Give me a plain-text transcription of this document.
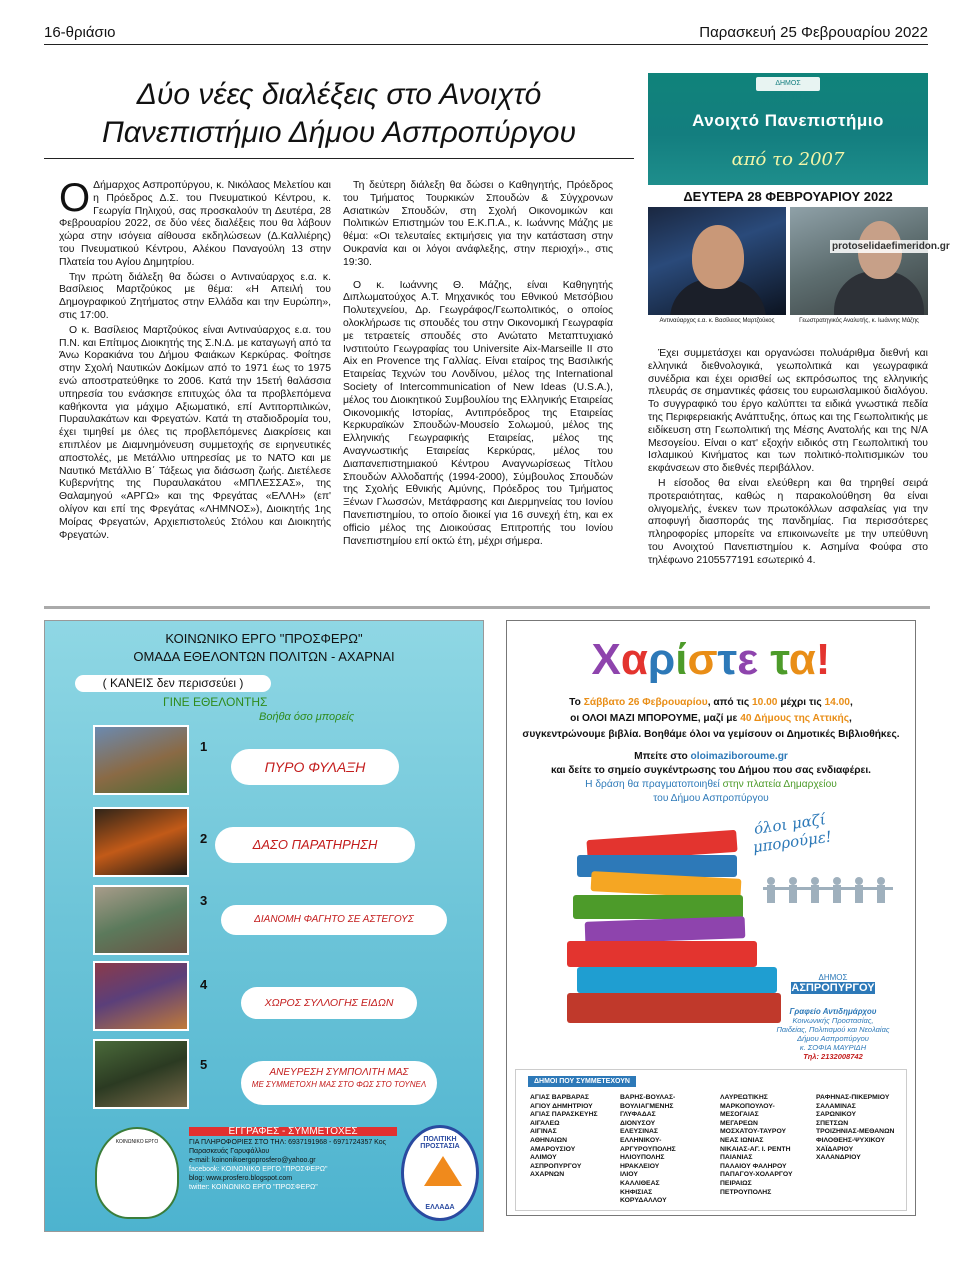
16-θριάσιο	Παρασκευή 25 Φεβρουαρίου 2022
Δύο νέες διαλέξεις στο Ανοιχτό
Πανεπιστήμιο Δήμου Ασπροπύργου

Ο Δήμαρχος Ασπροπύργου, κ. Νικόλαος Μελετίου και η Πρόεδρος Δ.Σ. του Πνευματικού Κέντρου, κ. Γεωργία Πηλιχού, σας προσκαλούν τη Δευτέρα, 28 Φεβρουαρίου 2022, σε δύο νέες διαλέξεις που θα λάβουν χώρα στην ισόγεια αίθουσα εκδηλώσεων (Δ.Καλλιέρης) του Πνευματικού Κέντρου, Αλέκου Παναγούλη 13 στην Πλατεία του Αγίου Δημητρίου.

Την πρώτη διάλεξη θα δώσει ο Αντιναύαρχος ε.α. κ. Βασίλειος Μαρτζούκος με θέμα: «Η Απειλή του Δημογραφικού Ζητήματος στην Ελλάδα και την Ευρώπη», στις 17:00.

Ο κ. Βασίλειος Μαρτζούκος είναι Αντιναύαρχος ε.α. του Π.Ν. και Επίτιμος Διοικητής της Σ.Ν.Δ. με καταγωγή από τα Άνω Κορακιάνα του Δήμου Φαιάκων Κερκύρας. Φοίτησε στην Σχολή Ναυτικών Δοκίμων από το 1971 έως το 1975 ενώ αποστρατεύθηκε το 2006. Κατά την 15ετή θαλάσσια υπηρεσία του ενάσκησε επιτυχώς όλα τα προβλεπόμενα καθήκοντα για μάχιμο Αξιωματικό, επί Αντιτορπιλικών, Πυραυλακάτων και Φρεγατών. Κατά τη σταδιοδρομία του, έχει τιμηθεί με όλες τις προβλεπόμενες Διακρίσεις και επιπλέον με Διαμνημόνευση συμμετοχής σε ειρηνευτικές αποστολές, με Μετάλλιο υπηρεσίας με το ΝΑΤΟ και με Ναυτικό Μετάλλιο Β΄ Τάξεως για διάσωση ζωής. Διετέλεσε Κυβερνήτης της Πυραυλακάτου «ΜΠΛΕΣΣΑΣ», της Θαλαμηγού «ΑΡΓΩ» και της Φρεγάτας «ΕΛΛΗ» (επ' ολίγον και επί της Φρεγάτας «ΛΗΜΝΟΣ»), Διοικητής 1ης Μοίρας Φρεγατών, Αρχιεπιστολεύς Στόλου και Διοικητής Φρεγατών.

Τη δεύτερη διάλεξη θα δώσει ο Καθηγητής, Πρόεδρος του Τμήματος Τουρκικών Σπουδών & Σύγχρονων Ασιατικών Σπουδών, στη Σχολή Οικονομικών και Πολιτικών Επιστημών του Ε.Κ.Π.Α., κ. Ιωάννης Μάζης με θέμα: «Οι τελευταίες εκτιμήσεις για την κατάσταση στην Ουκρανία και οι λόγοι ανάφλεξης, στην περιοχή»., στις 19:30.

Ο κ. Ιωάννης Θ. Μάζης, είναι Καθηγητής Διπλωματούχος Α.Τ. Μηχανικός του Εθνικού Μετσόβιου Πολυτεχνείου, Δρ. Γεωγράφος/Γεωπολιτικός, ο οποίος ολοκλήρωσε τις σπουδές του στην Οικονομική Γεωγραφία με τετραετείς σπουδές στο Ανώτατο Μεταπτυχιακό Ινστιτούτο Γεωγραφίας του Universite Aix-Marseille II στο Aix en Provence της Γαλλίας. Είναι εταίρος της Βασιλικής Εταιρείας Τεχνών του Λονδίνου, μέλος της International Society of Intercommunication of New Ideas (U.S.A.), μέλος του Διοικητικού Συμβουλίου της Ελληνικής Εταιρείας Οικονομικής Ιστορίας, Αντιπρόεδρος της Εταιρείας Κερκυραϊκών Σπουδών-Μουσείο Σολωμού, μέλος της Ελληνικής Γεωγραφικής Εταιρείας, μέλος της Αναγνωστικής Εταιρείας Κερκύρας, μέλος του Διαπανεπιστημιακού Κέντρου Αναγνωρίσεως Τίτλου Σπουδών Αλλοδαπής (1994-2000), Σύμβουλος Σπουδών της Σχολής Εθνικής Αμύνης, Πρόεδρος του Τμήματος Ξένων Γλωσσών, Μετάφρασης και Διερμηνείας του Ιονίου Πανεπιστημίου, το οποίο διοικεί για 16 συνεχή έτη, και ex officio μέλος της Διοικούσας Επιτροπής του Ιονίου Πανεπιστημίου επί οκτώ έτη, μέχρι σήμερα.

ΔΗΜΟΣ ΑΣΠΡΟΠΥΡΓΟΥ
Ανοιχτό Πανεπιστήμιο
από το 2007
ΔΕΥΤΕΡΑ 28 ΦΕΒΡΟΥΑΡΙΟΥ 2022
protoselidaefimeridon.gr
Αντιναύαρχος ε.α. κ. Βασίλειος Μαρτζούκος	Γεωστρατηγικός Αναλυτής, κ. Ιωάννης Μάζης

Έχει συμμετάσχει και οργανώσει πολυάριθμα διεθνή και ελληνικά διεθνολογικά, γεωπολιτικά και γεωγραφικά συνέδρια και έχει ορισθεί ως εκπρόσωπος της ελληνικής πλευράς σε σημαντικές φάσεις του ευρωισλαμικού διαλόγου. Το συγγραφικό του έργο καλύπτει τα ειδικά γνωστικά πεδία της Περιφερειακής Ανάπτυξης, όπως και της Γεωπολιτικής με ειδίκευση στη Γεωπολιτική της Μέσης Ανατολής και της Ν/Α Μεσογείου. Είναι ο κατ' εξοχήν ειδικός στη Γεωπολιτική του Ισλαμικού Κινήματος και των πολιτικό-πολιτισμικών του εκφάνσεων στο διεθνές περιβάλλον.

Η είσοδος θα είναι ελεύθερη και θα τηρηθεί σειρά προτεραιότητας, καθώς η παρακολούθηση θα είναι ολιγομελής, ένεκεν των πρωτοκόλλων ασφαλείας για την αποφυγή διασποράς της πανδημίας. Για περισσότερες πληροφορίες μπορείτε να επικοινωνείτε με την υπεύθυνη του Ανοιχτού Πανεπιστημίου κ. Ασημίνα Φούφα στο τηλέφωνο 2105577191 εσωτερικό 4.

ΚΟΙΝΩΝΙΚΟ ΕΡΓΟ "ΠΡΟΣΦΕΡΩ"
ΟΜΑΔΑ ΕΘΕΛΟΝΤΩΝ ΠΟΛΙΤΩΝ - ΑΧΑΡΝΑΙ
( ΚΑΝΕΙΣ δεν περισσεύει )
ΓΙΝΕ ΕΘΕΛΟΝΤΗΣ
Βοήθα όσο μπορείς
1
ΠΥΡΟ ΦΥΛΑΞΗ
2	ΔΑΣΟ ΠΑΡΑΤΗΡΗΣΗ
3
ΔΙΑΝΟΜΗ ΦΑΓΗΤΟ ΣΕ ΑΣΤΕΓΟΥΣ
4
ΧΩΡΟΣ ΣΥΛΛΟΓΗΣ ΕΙΔΩΝ
5
ΑΝΕΥΡΕΣΗ ΣΥΜΠΟΛΙΤΗ ΜΑΣ
ΜΕ ΣΥΜΜΕΤΟΧΗ ΜΑΣ ΣΤΟ ΦΩΣ ΣΤΟ ΤΟΥΝΕΛ
ΚΟΙΝΩΝΙΚΟ ΕΡΓΟ
ΕΓΓΡΑΦΕΣ - ΣΥΜΜΕΤΟΧΕΣ
ΓΙΑ ΠΛΗΡΟΦΟΡΙΕΣ ΣΤΟ ΤΗΛ: 6937191968 - 6971724357 Κος Παρασκευάς Γαρυφάλλου
e-mail: koinonikoergoprosfero@yahoo.gr
facebook: ΚΟΙΝΩΝΙΚΟ ΕΡΓΟ "ΠΡΟΣΦΕΡΩ"
blog: www.prosfero.blogspot.com
twitter: ΚΟΙΝΩΝΙΚΟ ΕΡΓΟ "ΠΡΟΣΦΕΡΩ"
ΠΟΛΙΤΙΚΗ ΠΡΟΣΤΑΣΙΑ
ΕΛΛΑΔΑ
Χαρίστε τα!
Το Σάββατο 26 Φεβρουαρίου, από τις 10.00 μέχρι τις 14.00,
οι ΟΛΟΙ ΜΑΖΙ ΜΠΟΡΟΥΜΕ, μαζί με 40 Δήμους της Αττικής,
συγκεντρώνουμε βιβλία. Βοηθάμε όλοι να γεμίσουν οι Δημοτικές Βιβλιοθήκες.
Μπείτε στο oloimaziboroume.gr
και δείτε το σημείο συγκέντρωσης του Δήμου που σας ενδιαφέρει.
Η δράση θα πραγματοποιηθεί στην πλατεία Δημαρχείου
του Δήμου Ασπροπύργου
όλοι μαζί μπορούμε!
ΔΗΜΟΣ
ΑΣΠΡΟΠΥΡΓΟΥ
Γραφείο Αντιδημάρχου
Κοινωνικής Προστασίας,
Παιδείας, Πολιτισμού και Νεολαίας
Δήμου Ασπροπύργου
κ. ΣΟΦΙΑ ΜΑΥΡΙΔΗ
Τηλ: 2132008742
ΔΗΜΟΙ ΠΟΥ ΣΥΜΜΕΤΕΧΟΥΝ
ΑΓΙΑΣ ΒΑΡΒΑΡΑΣ
ΑΓΙΟΥ ΔΗΜΗΤΡΙΟΥ
ΑΓΙΑΣ ΠΑΡΑΣΚΕΥΗΣ
ΑΙΓΑΛΕΩ
ΑΙΓΙΝΑΣ
ΑΘΗΝΑΙΩΝ
ΑΜΑΡΟΥΣΙΟΥ
ΑΛΙΜΟΥ
ΑΣΠΡΟΠΥΡΓΟΥ
ΑΧΑΡΝΩΝ
ΒΑΡΗΣ-ΒΟΥΛΑΣ-
ΒΟΥΛΙΑΓΜΕΝΗΣ
ΓΛΥΦΑΔΑΣ
ΔΙΟΝΥΣΟΥ
ΕΛΕΥΣΙΝΑΣ
ΕΛΛΗΝΙΚΟΥ-
ΑΡΓΥΡΟΥΠΟΛΗΣ
ΗΛΙΟΥΠΟΛΗΣ
ΗΡΑΚΛΕΙΟΥ
ΙΛΙΟΥ
ΚΑΛΛΙΘΕΑΣ
ΚΗΦΙΣΙΑΣ
ΚΟΡΥΔΑΛΛΟΥ
ΛΑΥΡΕΩΤΙΚΗΣ
ΜΑΡΚΟΠΟΥΛΟΥ-
ΜΕΣΟΓΑΙΑΣ
ΜΕΓΑΡΕΩΝ
ΜΟΣΧΑΤΟΥ-ΤΑΥΡΟΥ
ΝΕΑΣ ΙΩΝΙΑΣ
ΝΙΚΑΙΑΣ-ΑΓ. Ι. ΡΕΝΤΗ
ΠΑΙΑΝΙΑΣ
ΠΑΛΑΙΟΥ ΦΑΛΗΡΟΥ
ΠΑΠΑΓΟΥ-ΧΟΛΑΡΓΟΥ
ΠΕΙΡΑΙΩΣ
ΠΕΤΡΟΥΠΟΛΗΣ
ΡΑΦΗΝΑΣ-ΠΙΚΕΡΜΙΟΥ
ΣΑΛΑΜΙΝΑΣ
ΣΑΡΩΝΙΚΟΥ
ΣΠΕΤΣΩΝ
ΤΡΟΙΖΗΝΙΑΣ-ΜΕΘΑΝΩΝ
ΦΙΛΟΘΕΗΣ-ΨΥΧΙΚΟΥ
ΧΑΪΔΑΡΙΟΥ
ΧΑΛΑΝΔΡΙΟΥ
